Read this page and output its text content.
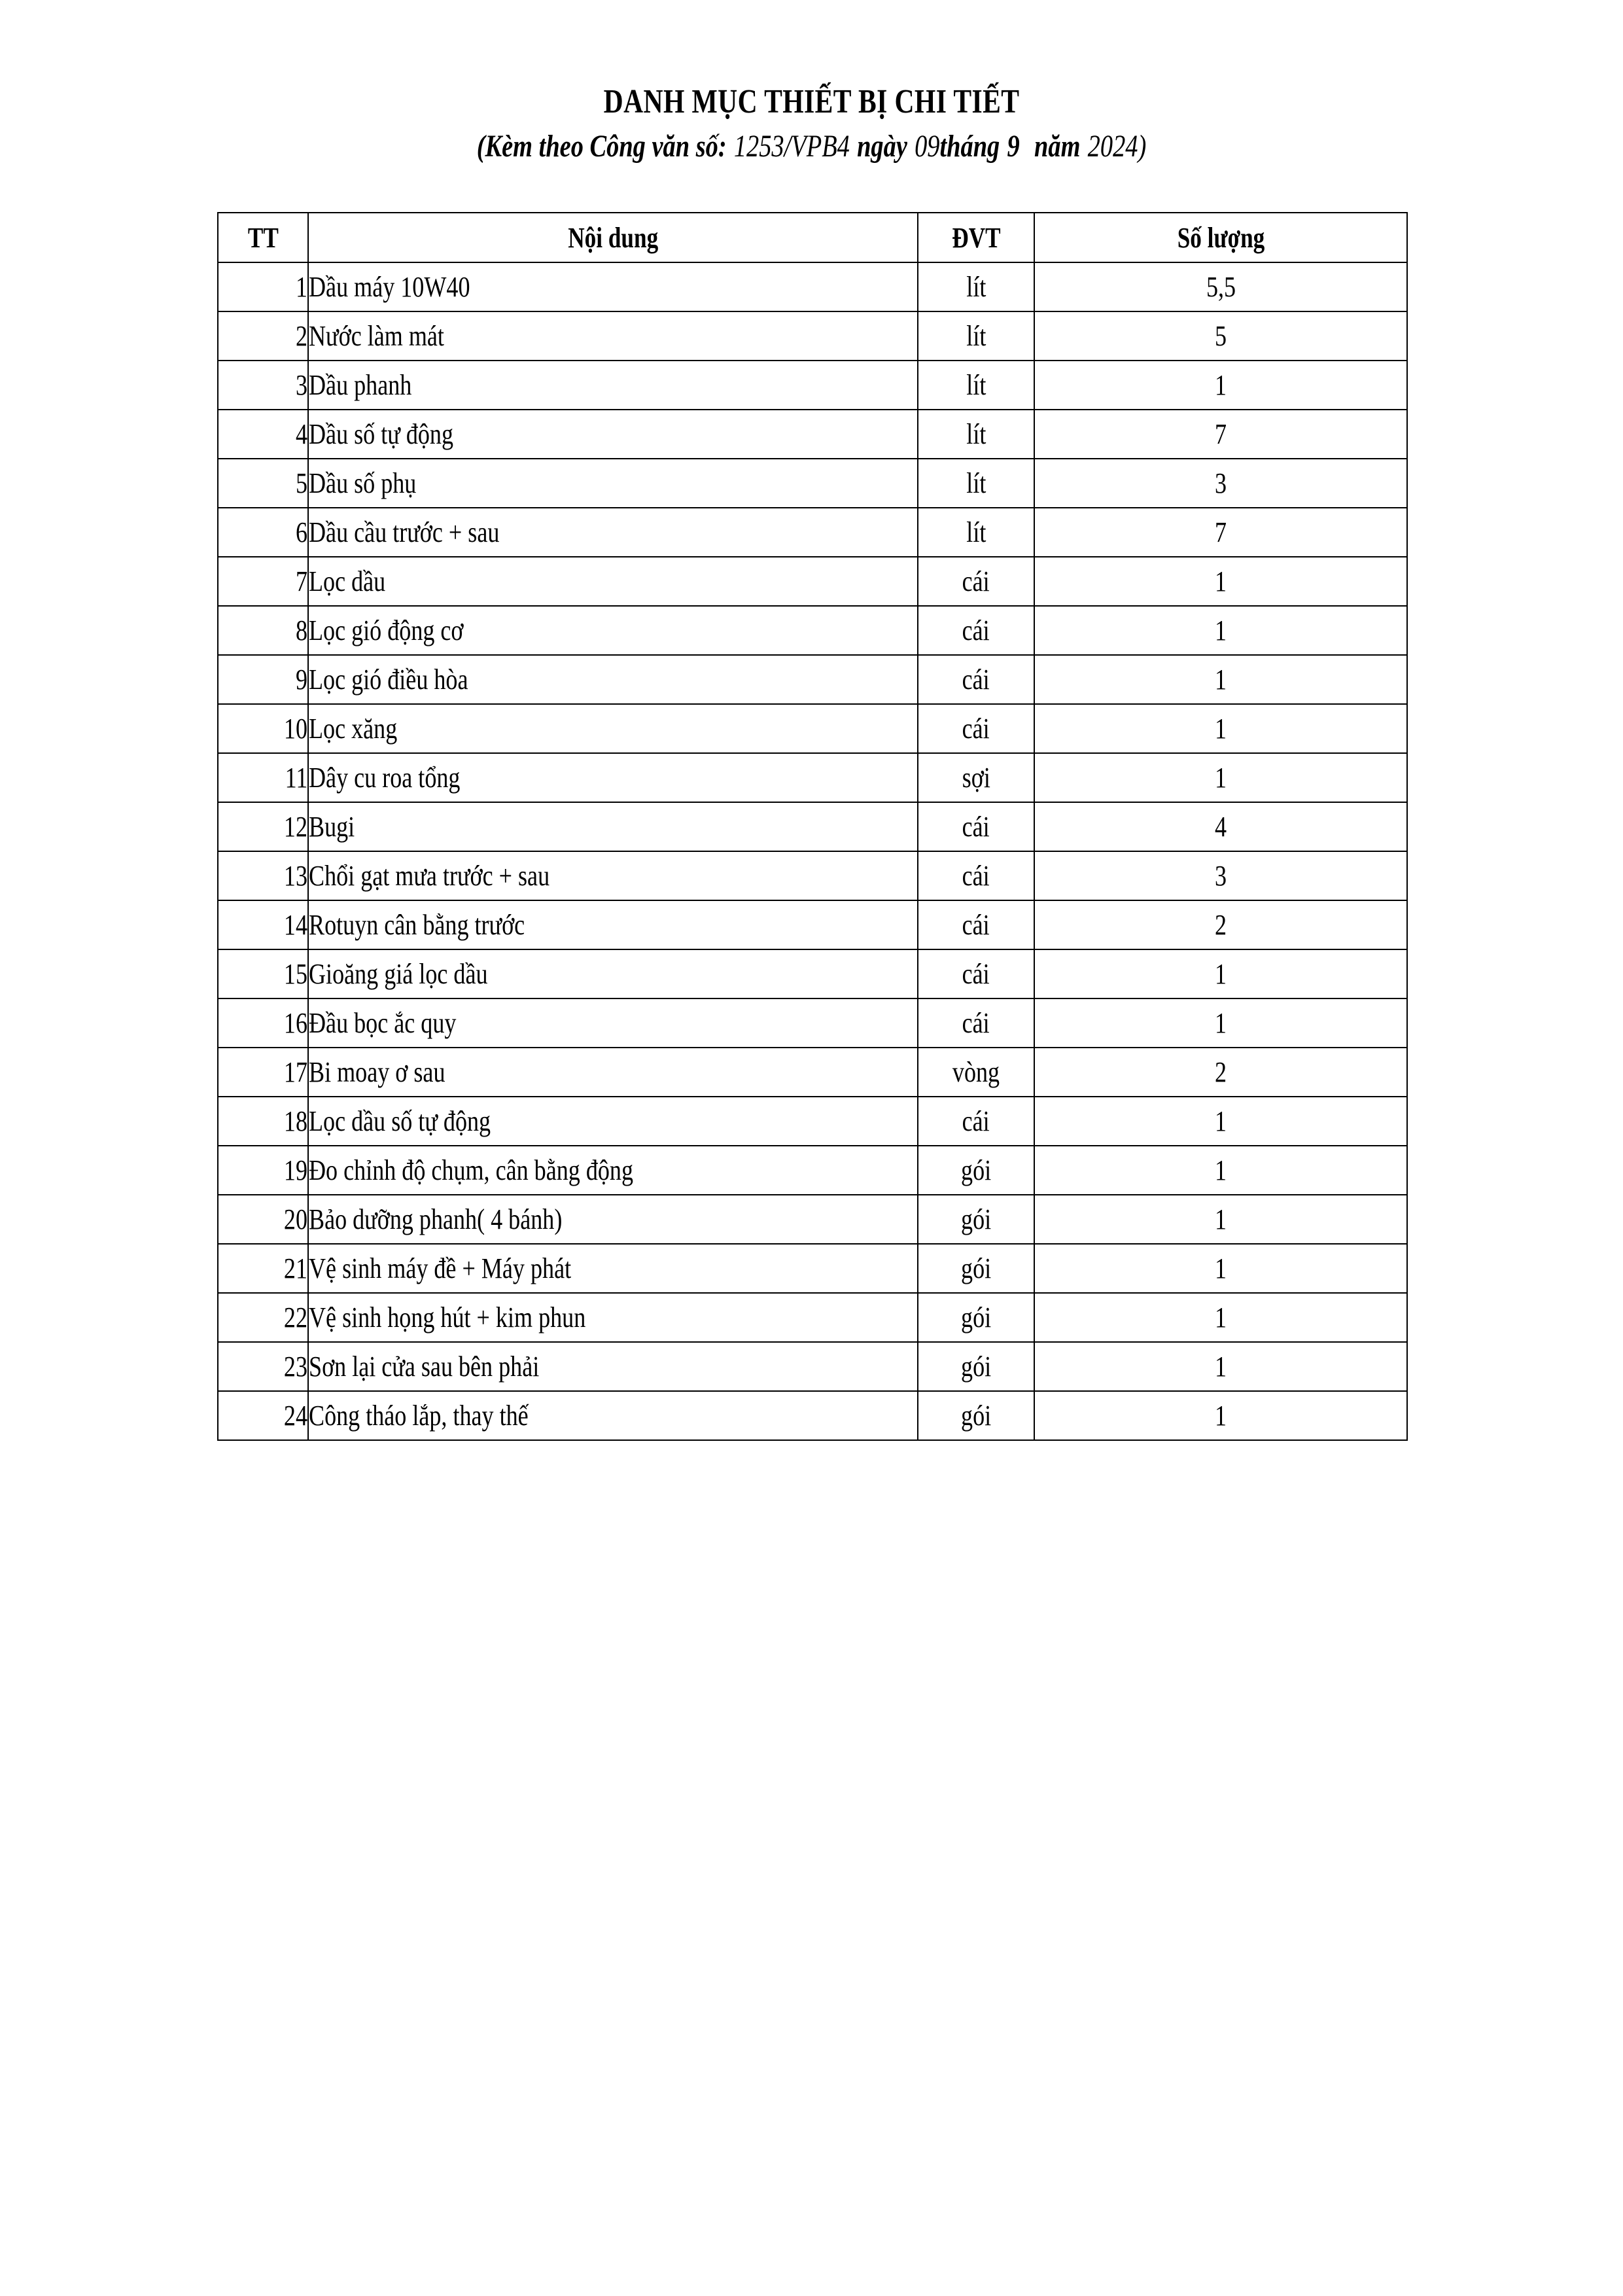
DANH MỤC THIẾT BỊ CHI TIẾT
(Kèm theo Công văn số: 1253/VPB4 ngày 09tháng 9 năm 2024)
TT	Nội dung	ĐVT	Số lượng
1	Dầu máy 10W40	lít	5,5
2	Nước làm mát	lít	5
3	Dầu phanh	lít	1
4	Dầu số tự động	lít	7
5	Dầu số phụ	lít	3
6	Dầu cầu trước + sau	lít	7
7	Lọc dầu	cái	1
8	Lọc gió động cơ	cái	1
9	Lọc gió điều hòa	cái	1
10	Lọc xăng	cái	1
11	Dây cu roa tổng	sợi	1
12	Bugi	cái	4
13	Chổi gạt mưa trước + sau	cái	3
14	Rotuyn cân bằng trước	cái	2
15	Gioăng giá lọc dầu	cái	1
16	Đầu bọc ắc quy	cái	1
17	Bi moay ơ sau	vòng	2
18	Lọc dầu số tự động	cái	1
19	Đo chỉnh độ chụm, cân bằng động	gói	1
20	Bảo dưỡng phanh( 4 bánh)	gói	1
21	Vệ sinh máy đề + Máy phát	gói	1
22	Vệ sinh họng hút + kim phun	gói	1
23	Sơn lại cửa sau bên phải	gói	1
24	Công tháo lắp, thay thế	gói	1
